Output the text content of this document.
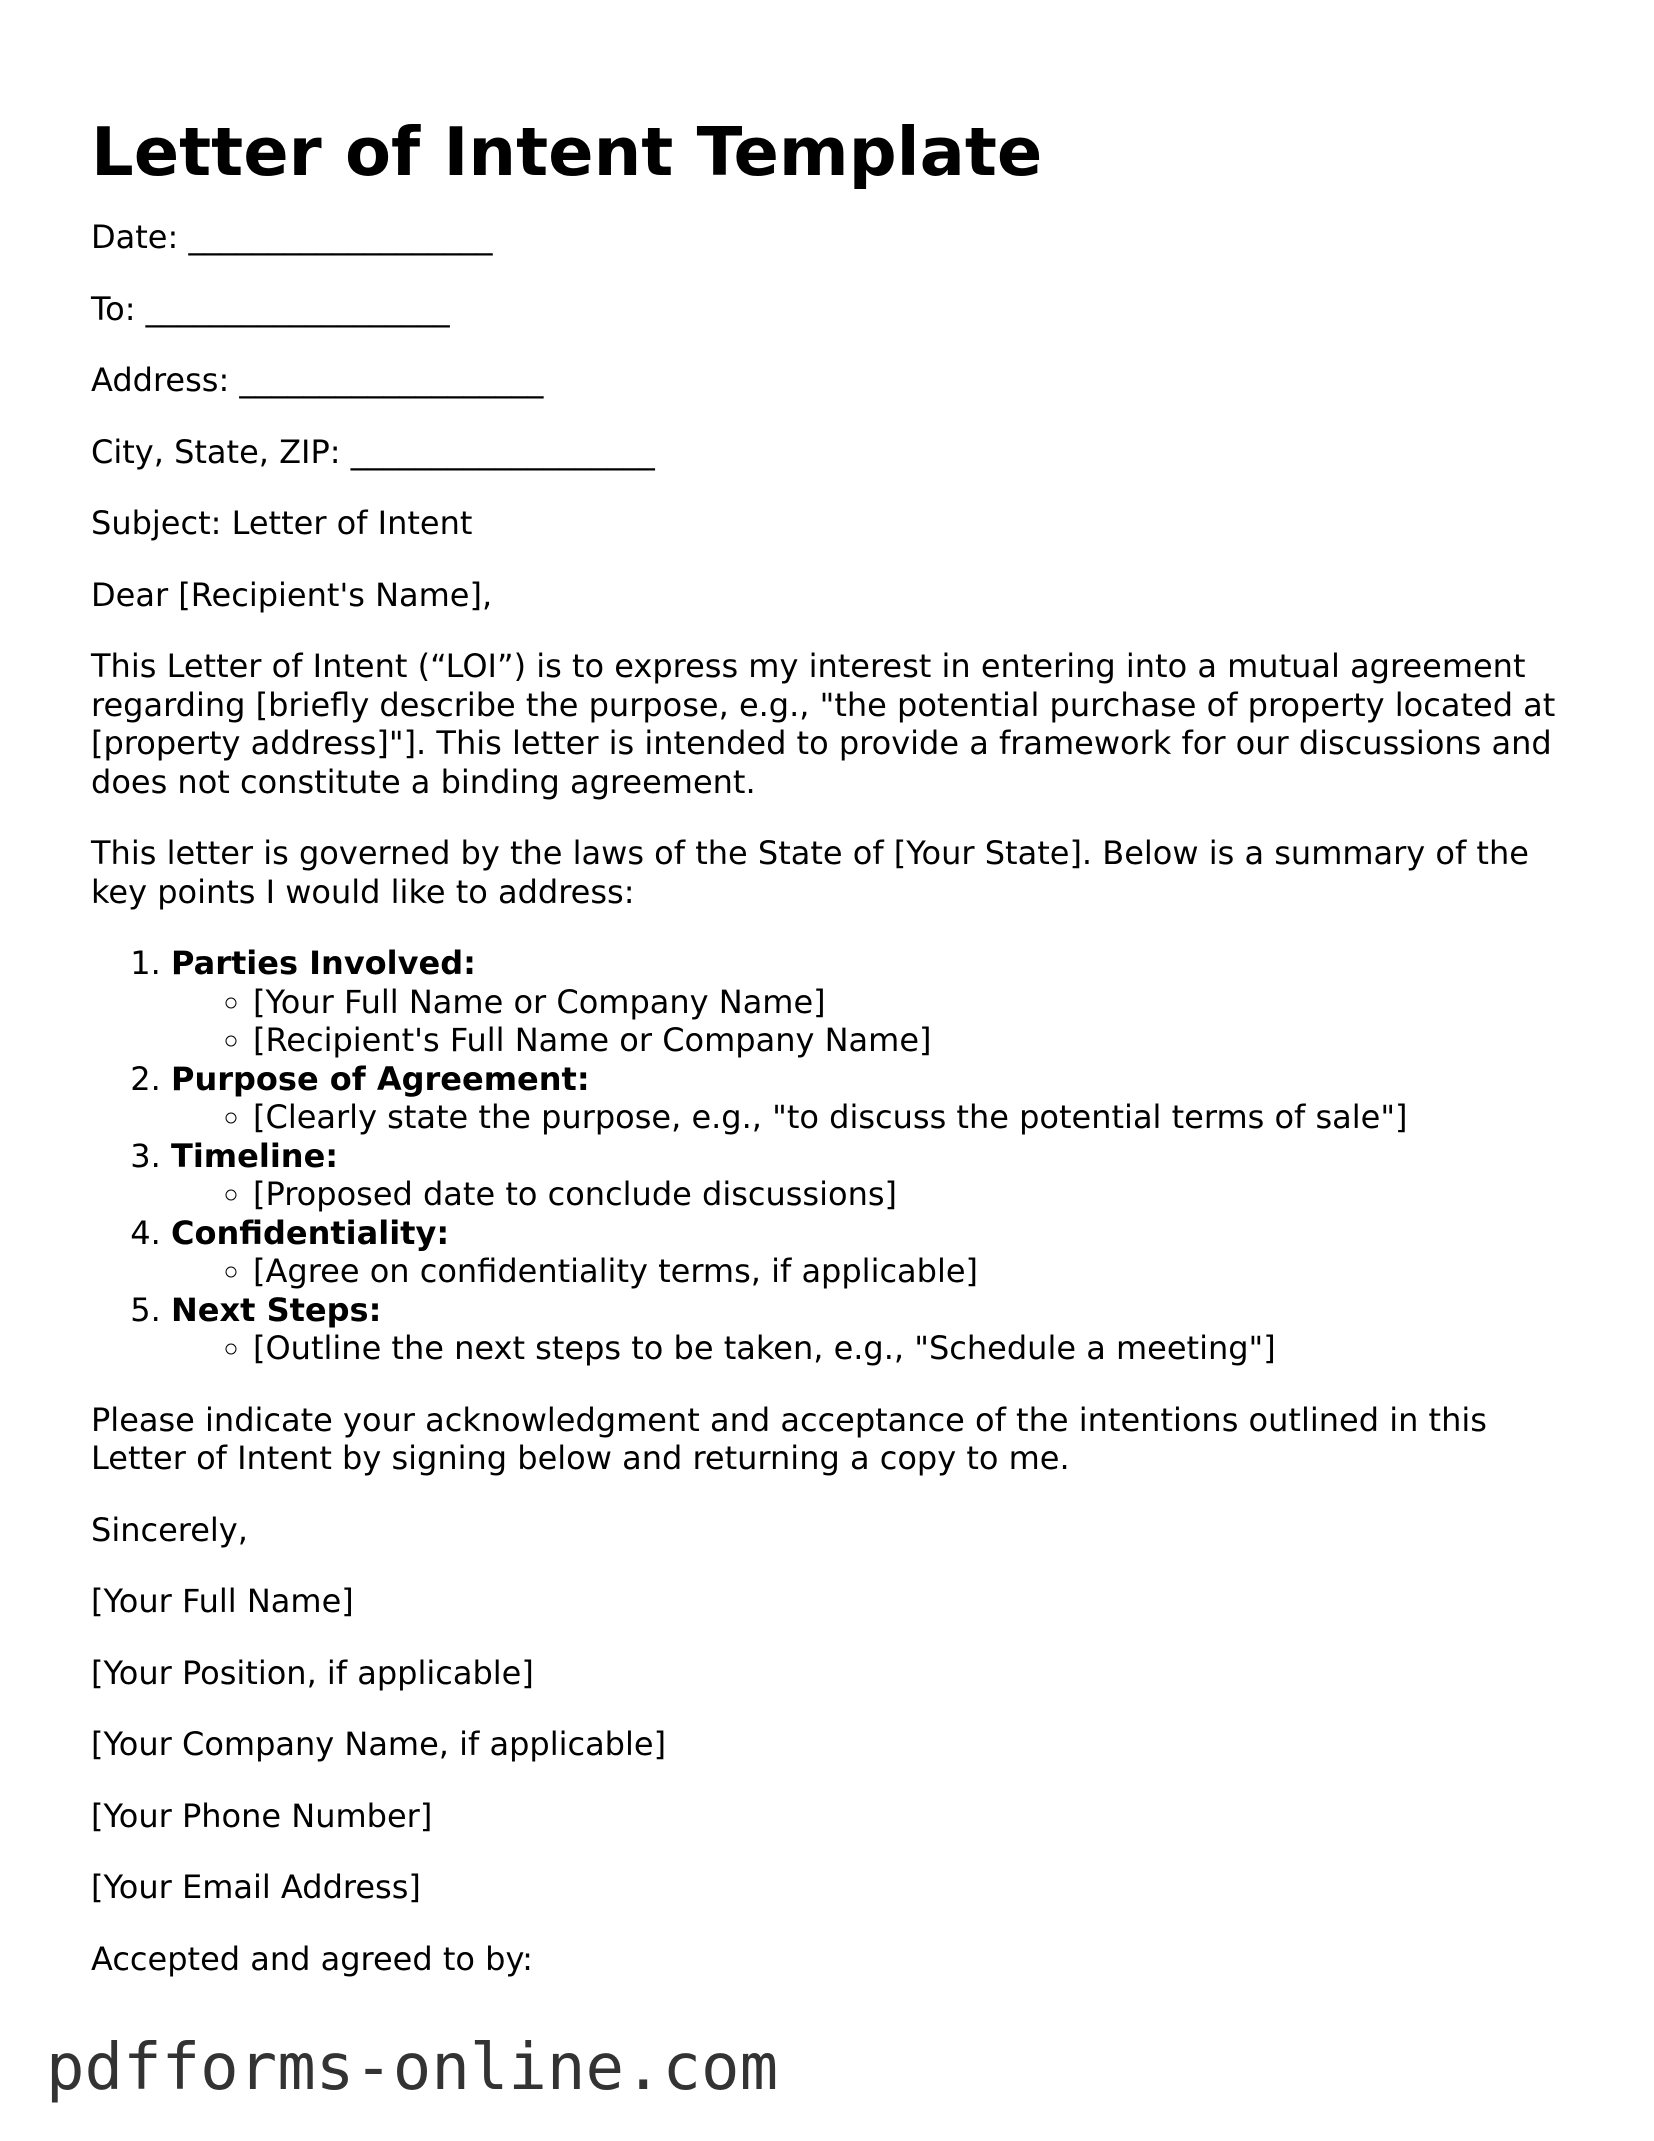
Letter of Intent Template

Date: ___________________

To: ___________________

Address: ___________________

City, State, ZIP: ___________________

Subject: Letter of Intent

Dear [Recipient's Name],

This Letter of Intent (“LOI”) is to express my interest in entering into a mutual agreement regarding [briefly describe the purpose, e.g., "the potential purchase of property located at [property address]"]. This letter is intended to provide a framework for our discussions and does not constitute a binding agreement.

This letter is governed by the laws of the State of [Your State]. Below is a summary of the key points I would like to address:

1. Parties Involved:
◦ [Your Full Name or Company Name]
◦ [Recipient's Full Name or Company Name]
2. Purpose of Agreement:
◦ [Clearly state the purpose, e.g., "to discuss the potential terms of sale"]
3. Timeline:
◦ [Proposed date to conclude discussions]
4. Confidentiality:
◦ [Agree on confidentiality terms, if applicable]
5. Next Steps:
◦ [Outline the next steps to be taken, e.g., "Schedule a meeting"]

Please indicate your acknowledgment and acceptance of the intentions outlined in this Letter of Intent by signing below and returning a copy to me.

Sincerely,

[Your Full Name]

[Your Position, if applicable]

[Your Company Name, if applicable]

[Your Phone Number]

[Your Email Address]

Accepted and agreed to by:

pdfforms-online.com
